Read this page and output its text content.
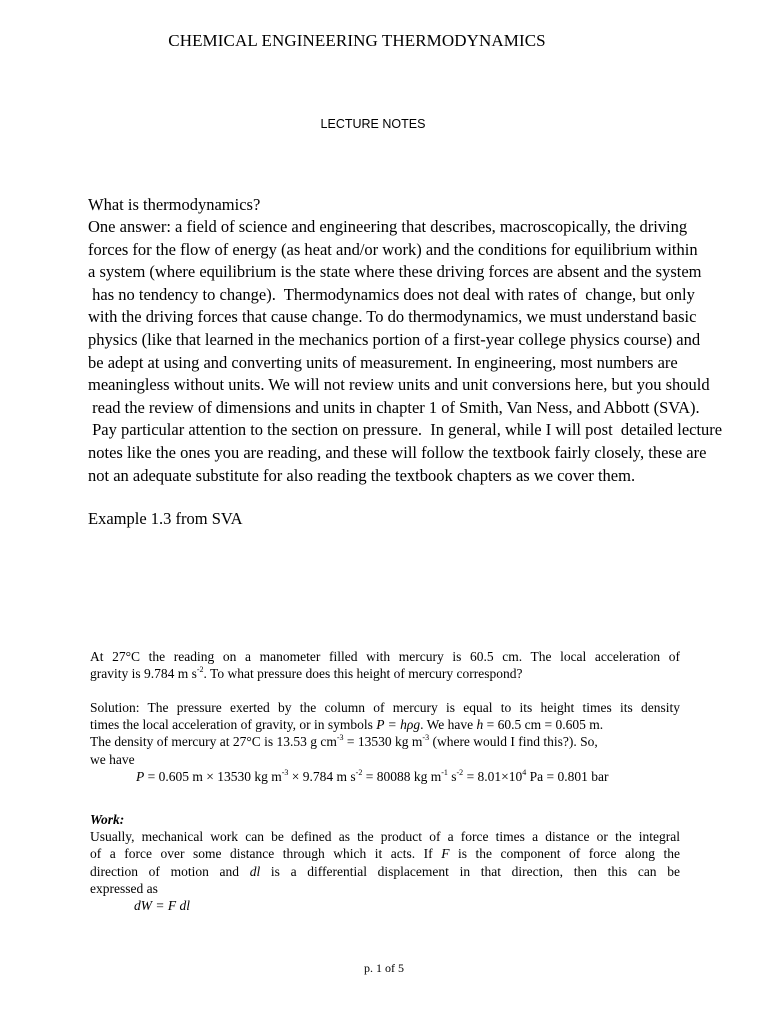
CHEMICAL ENGINEERING THERMODYNAMICS
LECTURE NOTES
What is thermodynamics?
One answer: a field of science and engineering that describes, macroscopically, the driving
forces for the flow of energy (as heat and/or work) and the conditions for equilibrium within
a system (where equilibrium is the state where these driving forces are absent and the system
has no tendency to change).  Thermodynamics does not deal with rates of  change, but only
with the driving forces that cause change. To do thermodynamics, we must understand basic
physics (like that learned in the mechanics portion of a first-year college physics course) and
be adept at using and converting units of measurement. In engineering, most numbers are
meaningless without units. We will not review units and unit conversions here, but you should
read the review of dimensions and units in chapter 1 of Smith, Van Ness, and Abbott (SVA).
Pay particular attention to the section on pressure.  In general, while I will post  detailed lecture
notes like the ones you are reading, and these will follow the textbook fairly closely, these are
not an adequate substitute for also reading the textbook chapters as we cover them.
Example 1.3 from SVA
At 27°C the reading on a manometer filled with mercury is 60.5 cm. The local acceleration of
gravity is 9.784 m $s^{-2}$. To what pressure does this height of mercury correspond?
Solution: The pressure exerted by the column of mercury is equal to its height times its density
times the local acceleration of gravity, or in symbols P = hρg. We have h = 60.5 cm = 0.605 m.
The density of mercury at 27°C is 13.53 g $cm^{-3} = 13530$ kg $m^{-3}$ (where would I find this?). So,
we have
P = 0.605 m × 13530 kg $m^{-3} \times 9.784$ m $s^{-2} = 80088$ kg $m^{-1}$ $s^{-2} = 8.01\times 10^4$ Pa = 0.801 bar
Work:
Usually, mechanical work can be defined as the product of a force times a distance or the integral
of a force over some distance through which it acts. If F is the component of force along the
direction of motion and dl is a differential displacement in that direction, then this can be
expressed as
dW = F dl
p. 1 of 5
